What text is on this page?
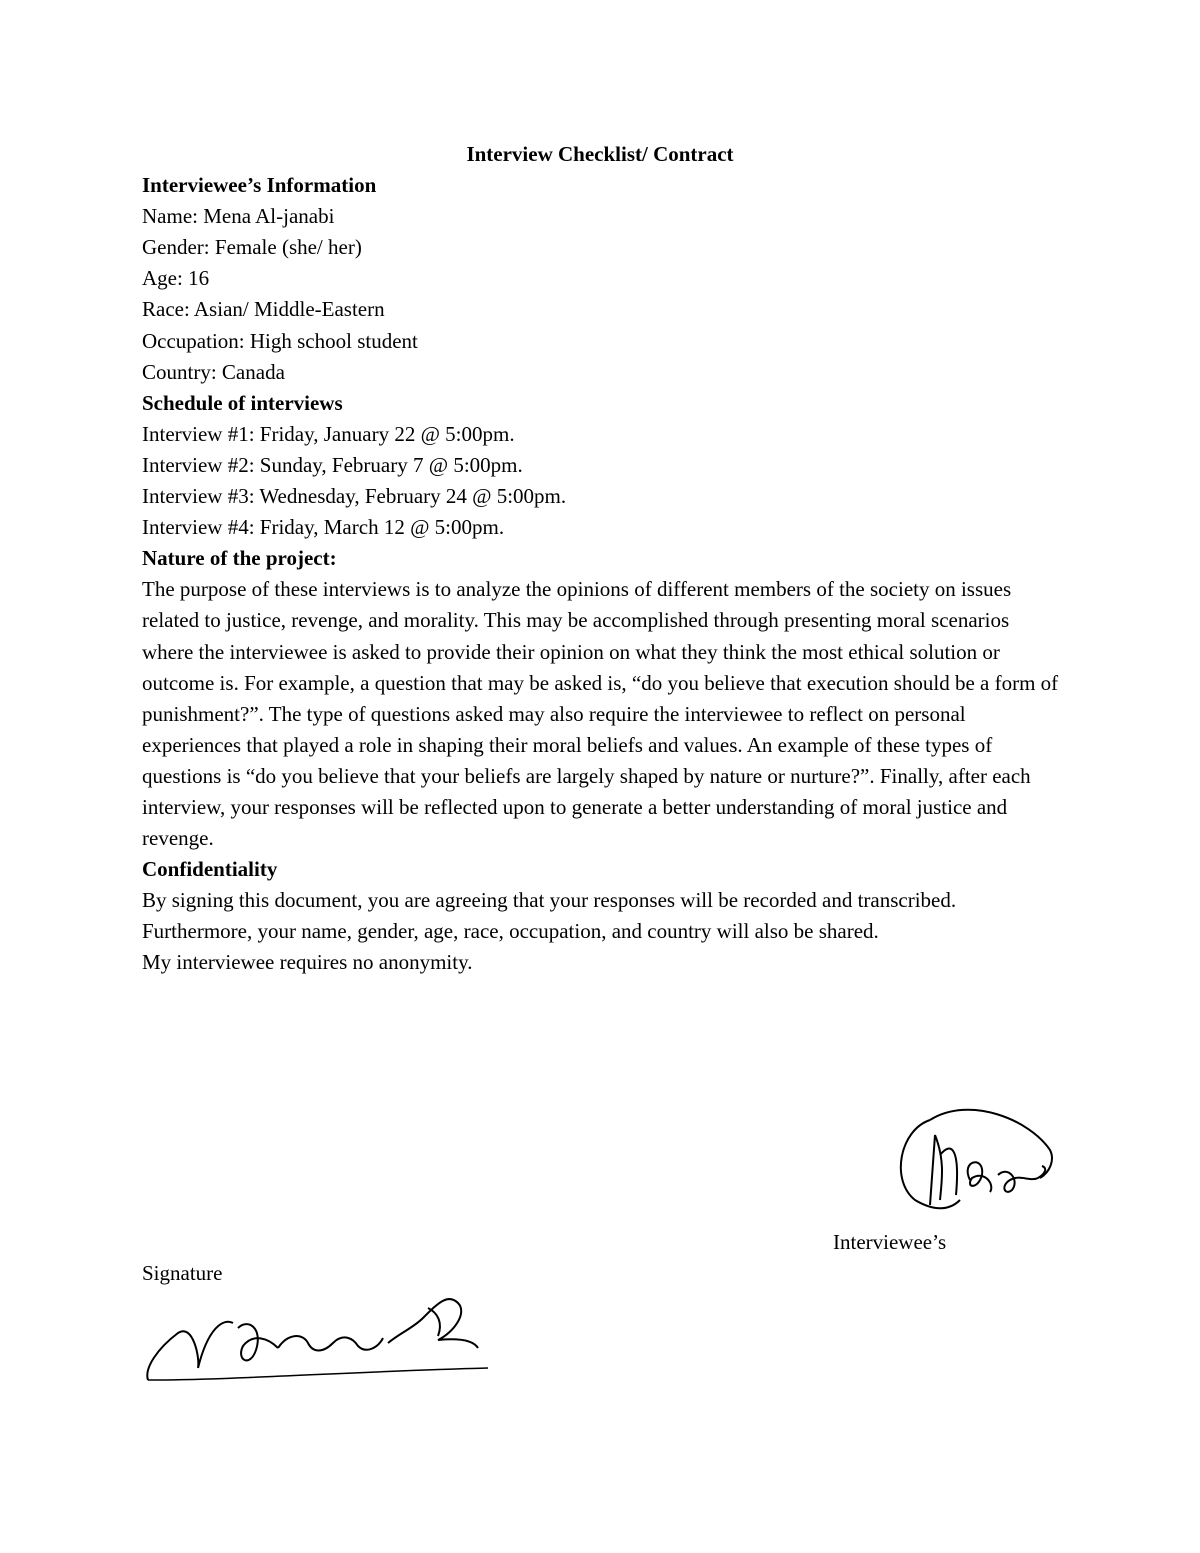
Interview Checklist/ Contract

Interviewee’s Information

Name: Mena Al-janabi

Gender: Female (she/ her)

Age: 16

Race: Asian/ Middle-Eastern

Occupation: High school student

Country: Canada

Schedule of interviews

Interview #1: Friday, January 22 @ 5:00pm.

Interview #2: Sunday, February 7 @ 5:00pm.

Interview #3: Wednesday, February 24 @ 5:00pm.

Interview #4: Friday, March 12 @ 5:00pm.

Nature of the project:

The purpose of these interviews is to analyze the opinions of different members of the society on issues related to justice, revenge, and morality. This may be accomplished through presenting moral scenarios where the interviewee is asked to provide their opinion on what they think the most ethical solution or outcome is. For example, a question that may be asked is, “do you believe that execution should be a form of punishment?”. The type of questions asked may also require the interviewee to reflect on personal experiences that played a role in shaping their moral beliefs and values. An example of these types of questions is “do you believe that your beliefs are largely shaped by nature or nurture?”. Finally, after each interview, your responses will be reflected upon to generate a better understanding of moral justice and revenge.

Confidentiality

By signing this document, you are agreeing that your responses will be recorded and transcribed.

Furthermore, your name, gender, age, race, occupation, and country will also be shared.

My interviewee requires no anonymity.

Interviewee’s
Signature
